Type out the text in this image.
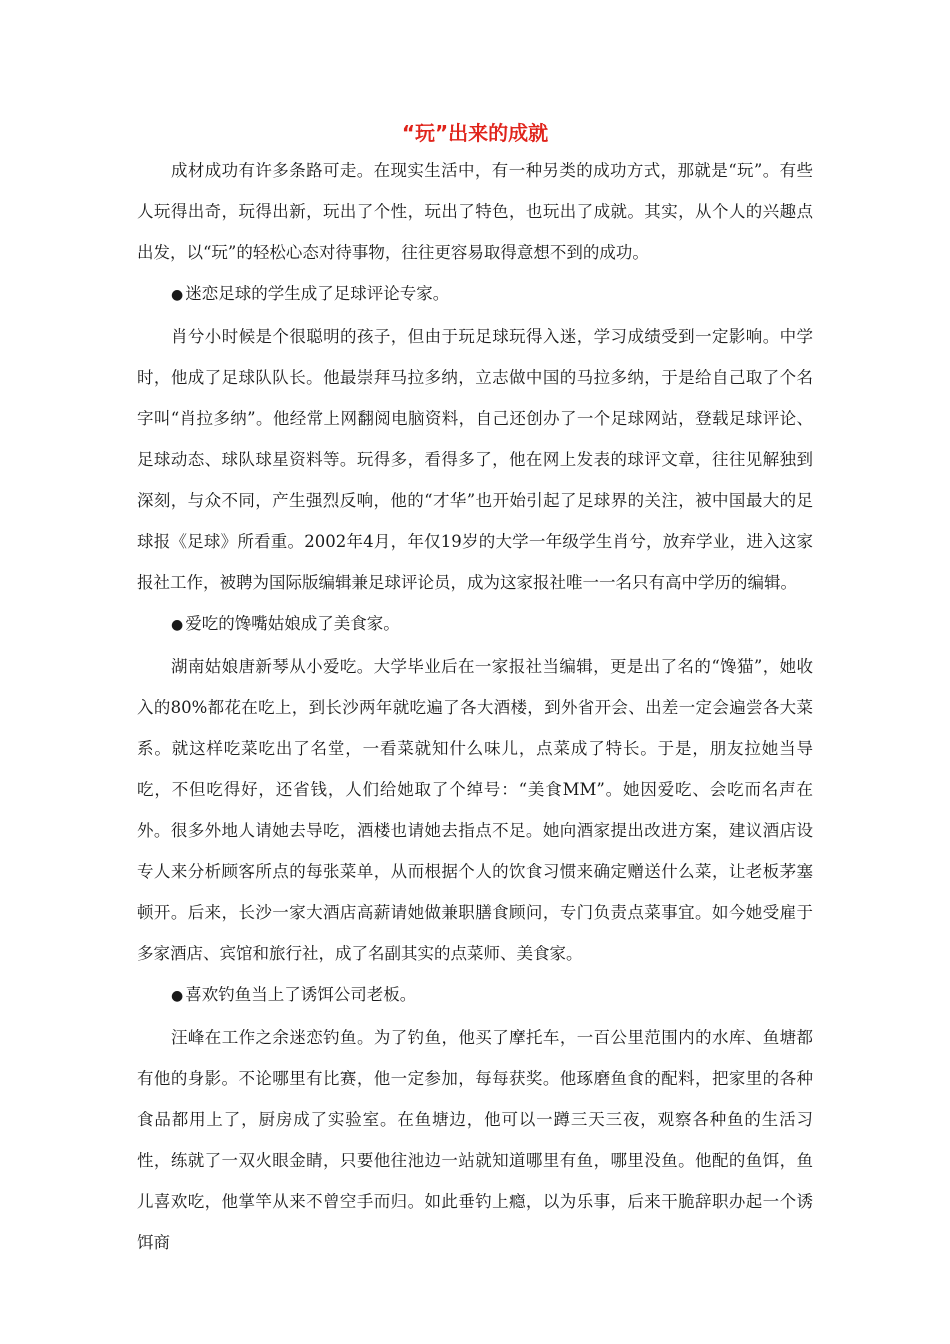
“玩”出来的成就

成材成功有许多条路可走。在现实生活中，有一种另类的成功方式，那就是“玩”。有些人玩得出奇，玩得出新，玩出了个性，玩出了特色，也玩出了成就。其实，从个人的兴趣点出发，以“玩”的轻松心态对待事物，往往更容易取得意想不到的成功。

● 迷恋足球的学生成了足球评论专家。

肖兮小时候是个很聪明的孩子，但由于玩足球玩得入迷，学习成绩受到一定影响。中学时，他成了足球队队长。他最崇拜马拉多纳，立志做中国的马拉多纳，于是给自己取了个名字叫“肖拉多纳”。他经常上网翻阅电脑资料，自己还创办了一个足球网站，登载足球评论、足球动态、球队球星资料等。玩得多，看得多了，他在网上发表的球评文章，往往见解独到深刻，与众不同，产生强烈反响，他的“才华”也开始引起了足球界的关注，被中国最大的足球报《足球》所看重。2002年4月，年仅19岁的大学一年级学生肖兮，放弃学业，进入这家报社工作，被聘为国际版编辑兼足球评论员，成为这家报社唯一一名只有高中学历的编辑。

● 爱吃的馋嘴姑娘成了美食家。

湖南姑娘唐新琴从小爱吃。大学毕业后在一家报社当编辑，更是出了名的“馋猫”，她收入的80%都花在吃上，到长沙两年就吃遍了各大酒楼，到外省开会、出差一定会遍尝各大菜系。就这样吃菜吃出了名堂，一看菜就知什么味儿，点菜成了特长。于是，朋友拉她当导吃，不但吃得好，还省钱，人们给她取了个绰号：“美食MM”。她因爱吃、会吃而名声在外。很多外地人请她去导吃，酒楼也请她去指点不足。她向酒家提出改进方案，建议酒店设专人来分析顾客所点的每张菜单，从而根据个人的饮食习惯来确定赠送什么菜，让老板茅塞顿开。后来，长沙一家大酒店高薪请她做兼职膳食顾问，专门负责点菜事宜。如今她受雇于多家酒店、宾馆和旅行社，成了名副其实的点菜师、美食家。

● 喜欢钓鱼当上了诱饵公司老板。

汪峰在工作之余迷恋钓鱼。为了钓鱼，他买了摩托车，一百公里范围内的水库、鱼塘都有他的身影。不论哪里有比赛，他一定参加，每每获奖。他琢磨鱼食的配料，把家里的各种食品都用上了，厨房成了实验室。在鱼塘边，他可以一蹲三天三夜，观察各种鱼的生活习性，练就了一双火眼金睛，只要他往池边一站就知道哪里有鱼，哪里没鱼。他配的鱼饵，鱼儿喜欢吃，他掌竿从来不曾空手而归。如此垂钓上瘾，以为乐事，后来干脆辞职办起一个诱饵商
